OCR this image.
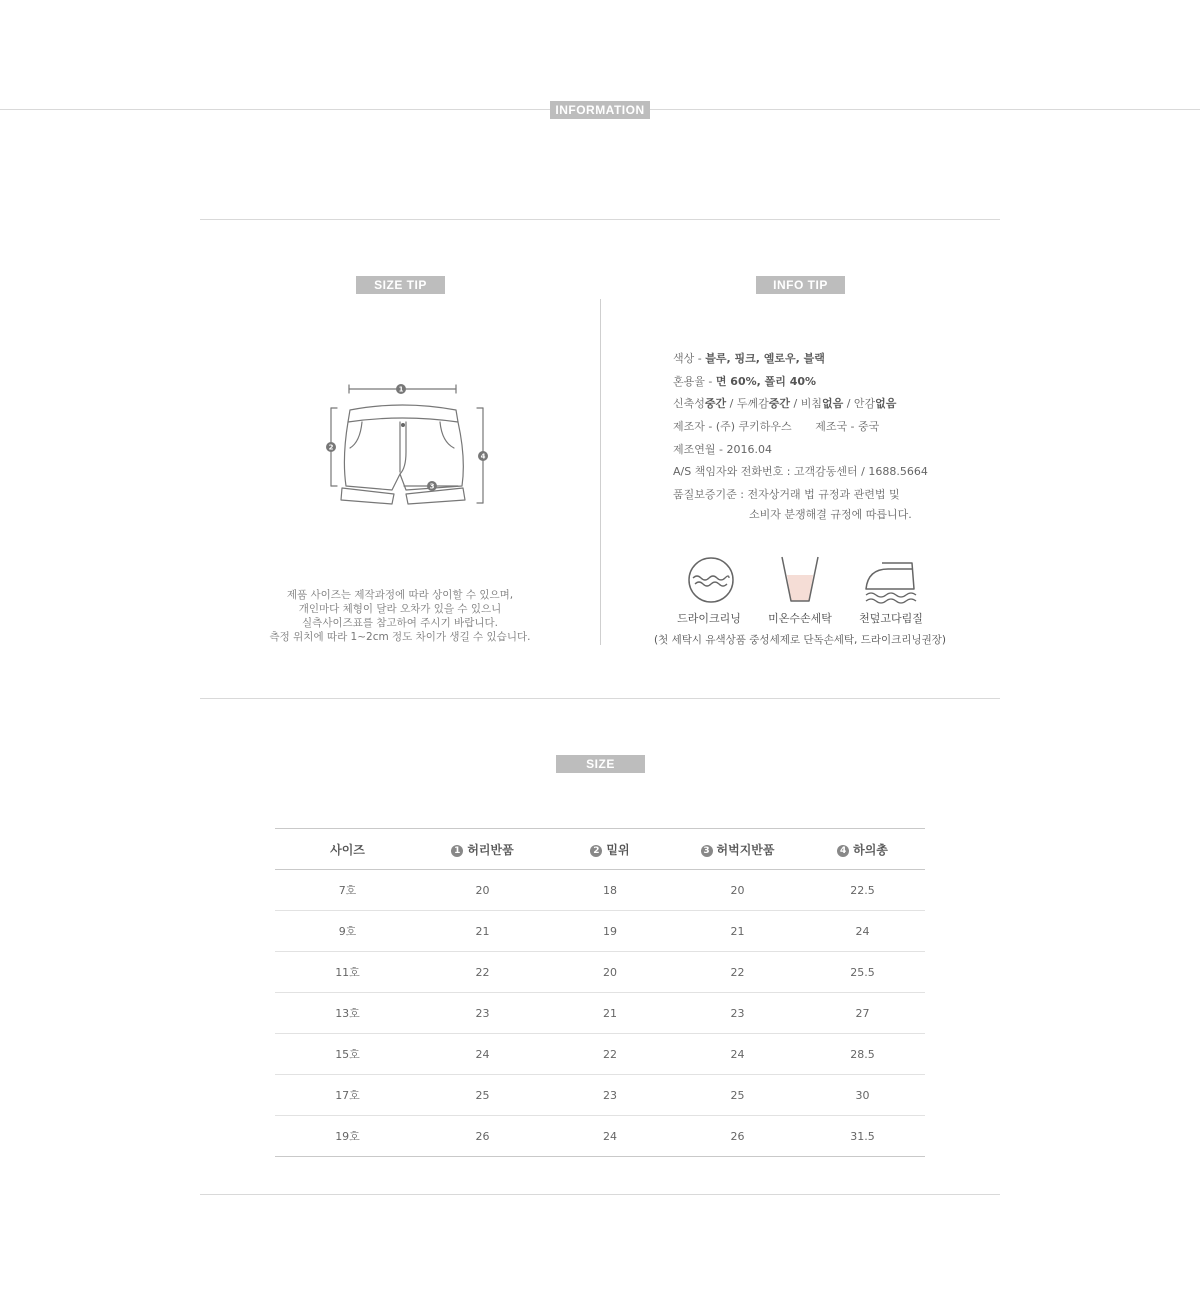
INFORMATION
SIZE TIP
1
2
3
4
제품 사이즈는 제작과정에 따라 상이할 수 있으며,
개인마다 체형이 달라 오차가 있을 수 있으니
실측사이즈표를 참고하여 주시기 바랍니다.
측정 위치에 따라 1~2cm 정도 차이가 생길 수 있습니다.
INFO TIP
색상 - 블루, 핑크, 옐로우, 블랙
혼용율 - 면 60%, 폴리 40%
신축성중간 / 두께감중간 / 비침없음 / 안감없음
제조자 - (주) 쿠키하우스 제조국 - 중국
제조연월 - 2016.04
A/S 책임자와 전화번호 : 고객감동센터 / 1688.5664
품질보증기준 : 전자상거래 법 규정과 관련법 및
소비자 분쟁해결 규정에 따릅니다.
드라이크리닝	미온수손세탁	천덮고다림질
(첫 세탁시 유색상품 중성세제로 단독손세탁, 드라이크리닝권장)
SIZE
사이즈	1 허리반품	2 밑위	3 허벅지반품	4 하의총
7호	20	18	20	22.5
9호	21	19	21	24
11호	22	20	22	25.5
13호	23	21	23	27
15호	24	22	24	28.5
17호	25	23	25	30
19호	26	24	26	31.5
